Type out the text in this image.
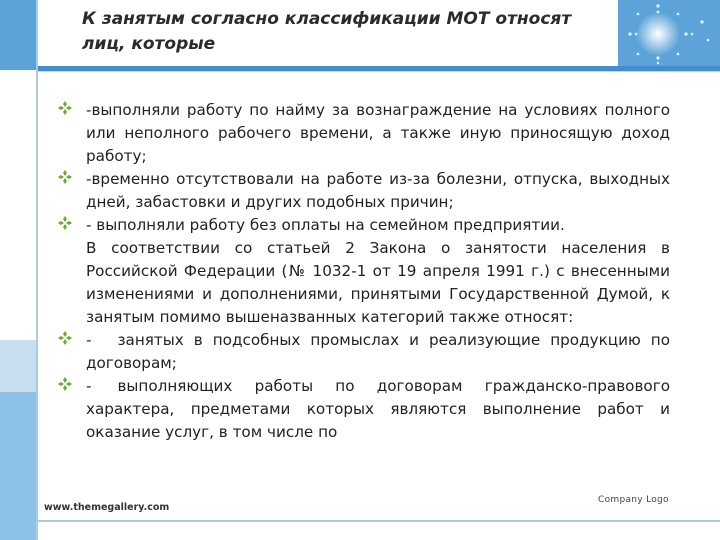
К занятым согласно классификации МОТ относят лиц, которые
-выполняли работу по найму за вознаграждение на условиях полного или неполного рабочего времени, а также иную приносящую доход работу;
-временно отсутствовали на работе из-за болезни, отпуска, выходных дней, забастовки и других подобных причин;
- выполняли работу без оплаты на семейном предприятии.
В соответствии со статьей 2 Закона о занятости населения в Российской Федерации (№ 1032-1 от 19 апреля 1991 г.) с внесенными изменениями и дополнениями, принятыми Государственной Думой, к занятым помимо вышеназванных категорий также относят:
- занятых в подсобных промыслах и реализующие продукцию по договорам;
- выполняющих работы по договорам гражданско-правового характера, предметами которых являются выполнение работ и оказание услуг, в том числе по
www.themegallery.com
Company Logo
